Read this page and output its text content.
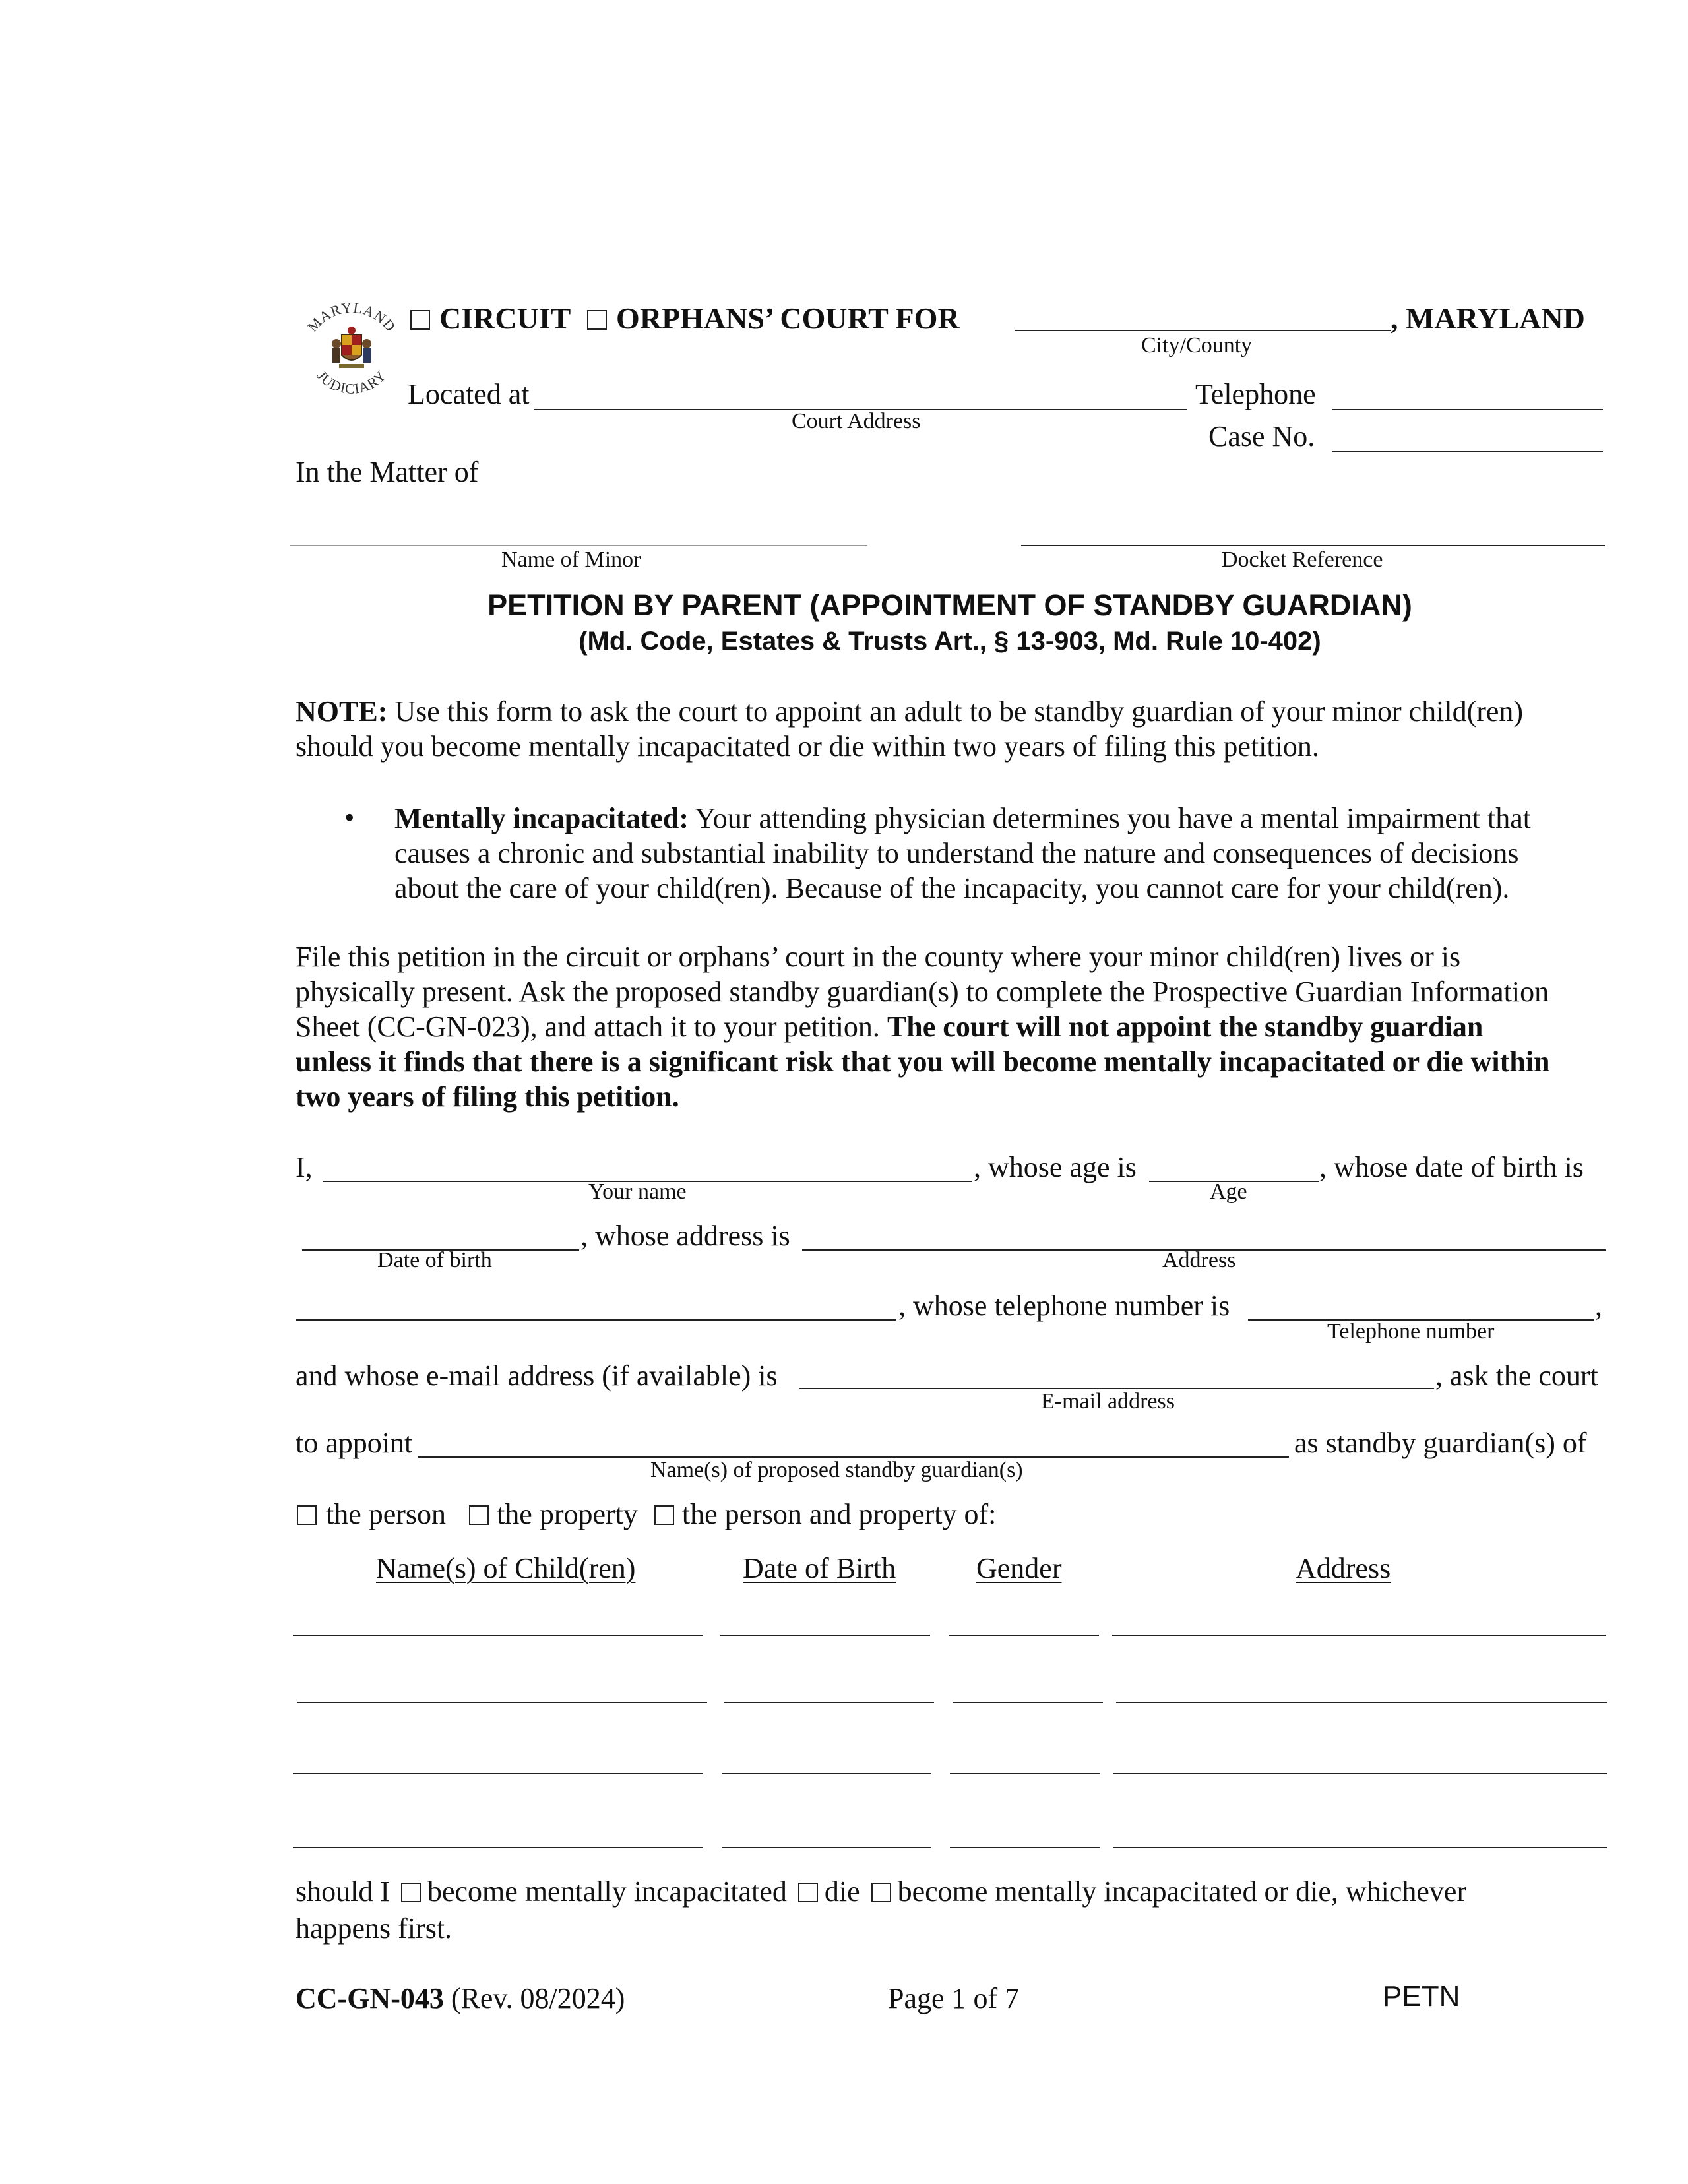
MARYLAND
JUDICIARY
CIRCUIT ORPHANS’ COURT FOR	, MARYLAND
City/County
Located at
Court Address
Telephone
Case No.
In the Matter of
Name of Minor	Docket Reference
PETITION BY PARENT (APPOINTMENT OF STANDBY GUARDIAN)
(Md. Code, Estates & Trusts Art., § 13-903, Md. Rule 10-402)
NOTE: Use this form to ask the court to appoint an adult to be standby guardian of your minor child(ren)
should you become mentally incapacitated or die within two years of filing this petition.
• Mentally incapacitated: Your attending physician determines you have a mental impairment that
causes a chronic and substantial inability to understand the nature and consequences of decisions
about the care of your child(ren). Because of the incapacity, you cannot care for your child(ren).
File this petition in the circuit or orphans’ court in the county where your minor child(ren) lives or is
physically present. Ask the proposed standby guardian(s) to complete the Prospective Guardian Information
Sheet (CC-GN-023), and attach it to your petition. The court will not appoint the standby guardian
unless it finds that there is a significant risk that you will become mentally incapacitated or die within
two years of filing this petition.
I,
Your name
, whose age is
Age
, whose date of birth is
Date of birth
, whose address is
Address
, whose telephone number is	,
Telephone number
and whose e-mail address (if available) is	, ask the court
E-mail address
to appoint	as standby guardian(s) of
Name(s) of proposed standby guardian(s)
the person the property the person and property of:
Name(s) of Child(ren)	Date of Birth	Gender	Address
should I become mentally incapacitated die become mentally incapacitated or die, whichever
happens first.
CC-GN-043 (Rev. 08/2024)	Page 1 of 7	PETN
